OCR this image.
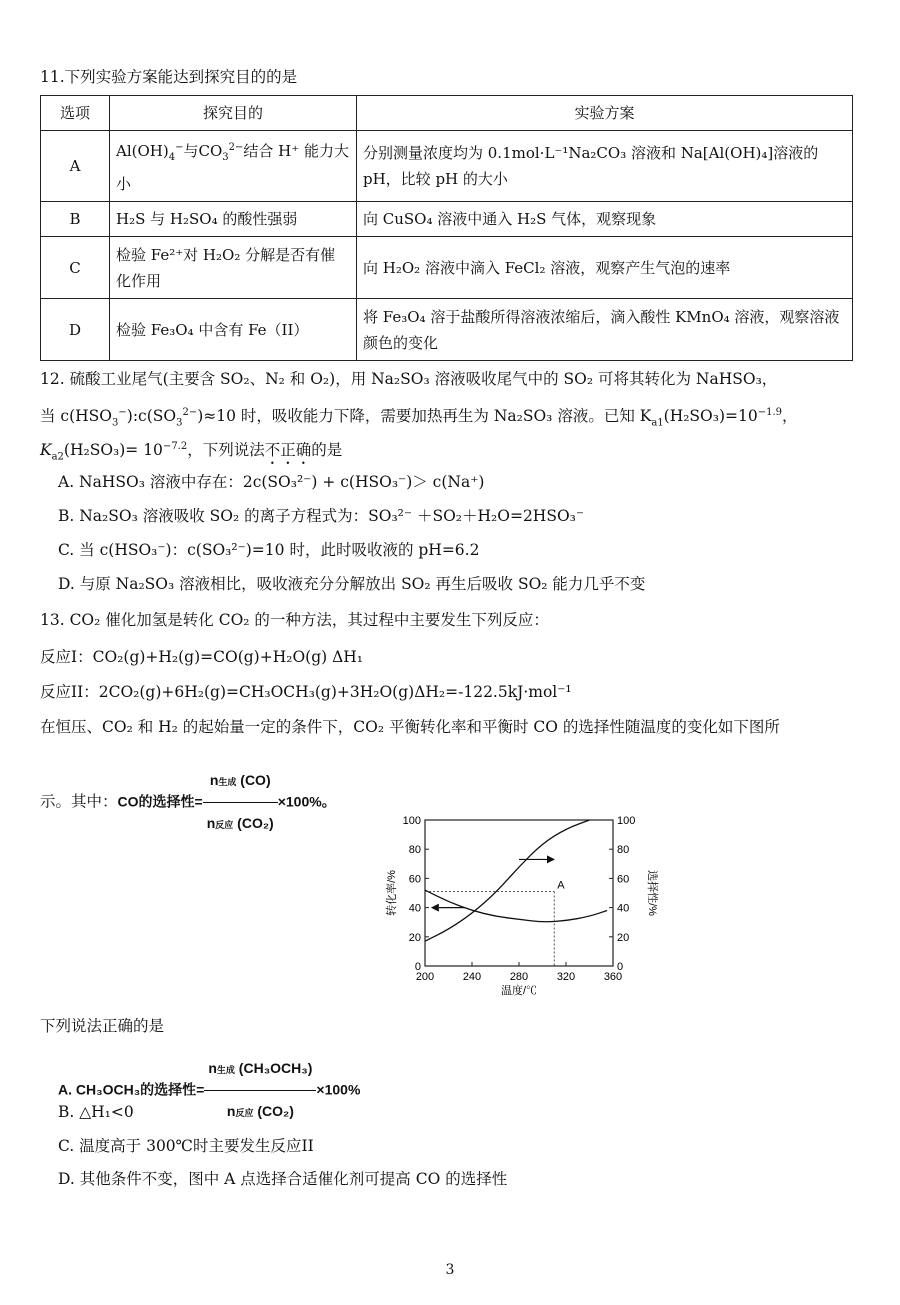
11.下列实验方案能达到探究目的的是
选项	探究目的	实验方案
A	$Al(OH)_4^-$与$CO_3^{2-}$结合 H⁺ 能力大小	分别测量浓度均为 0.1mol·L⁻¹Na₂CO₃ 溶液和 Na[Al(OH)₄]溶液的 pH，比较 pH 的大小
B	H₂S 与 H₂SO₄ 的酸性强弱	向 CuSO₄ 溶液中通入 H₂S 气体，观察现象
C	检验 Fe²⁺对 H₂O₂ 分解是否有催化作用	向 H₂O₂ 溶液中滴入 FeCl₂ 溶液，观察产生气泡的速率
D	检验 Fe₃O₄ 中含有 Fe（II）	将 Fe₃O₄ 溶于盐酸所得溶液浓缩后，滴入酸性 KMnO₄ 溶液，观察溶液颜色的变化
12. 硫酸工业尾气(主要含 SO₂、N₂ 和 O₂)，用 Na₂SO₃ 溶液吸收尾气中的 SO₂ 可将其转化为 NaHSO₃，
当 $c(HSO_3^-):c(SO_3^{2-})\approx 10$ 时，吸收能力下降，需要加热再生为 Na₂SO₃ 溶液。已知 $K_{a1}(H_2SO_3)=10^{-1.9}$，
$K_{a2}(H_2SO_3)= 10^{-7.2}$，下列说法不正确的是
A. NaHSO₃ 溶液中存在：2c(SO₃²⁻) + c(HSO₃⁻)＞ c(Na⁺)
B. Na₂SO₃ 溶液吸收 SO₂ 的离子方程式为：SO₃²⁻ ＋SO₂＋H₂O=2HSO₃⁻
C. 当 c(HSO₃⁻)：c(SO₃²⁻)=10 时，此时吸收液的 pH=6.2
D. 与原 Na₂SO₃ 溶液相比，吸收液充分分解放出 SO₂ 再生后吸收 SO₂ 能力几乎不变
13. CO₂ 催化加氢是转化 CO₂ 的一种方法，其过程中主要发生下列反应：
反应I：CO₂(g)+H₂(g)=CO(g)+H₂O(g) ΔH₁
反应II：2CO₂(g)+6H₂(g)=CH₃OCH₃(g)+3H₂O(g)ΔH₂=-122.5kJ·mol⁻¹
在恒压、CO₂ 和 H₂ 的起始量一定的条件下，CO₂ 平衡转化率和平衡时 CO 的选择性随温度的变化如下图所
示。其中：CO的选择性= $\frac{\text{n生成 (CO)}}{\text{n反应 (CO₂)}} \times 100\%$。
0	0
20	20
40	40
60	60
80	80
100	100
200	240	280	320	360
温度/℃
转化率/%	选择性/%
A
下列说法正确的是
A. CH₃OCH₃的选择性= $\frac{\text{n生成 (CH₃OCH₃)}}{\text{n反应 (CO₂)}} \times 100\%$
B. △H₁<0
C. 温度高于 300℃时主要发生反应II
D. 其他条件不变，图中 A 点选择合适催化剂可提高 CO 的选择性
3
